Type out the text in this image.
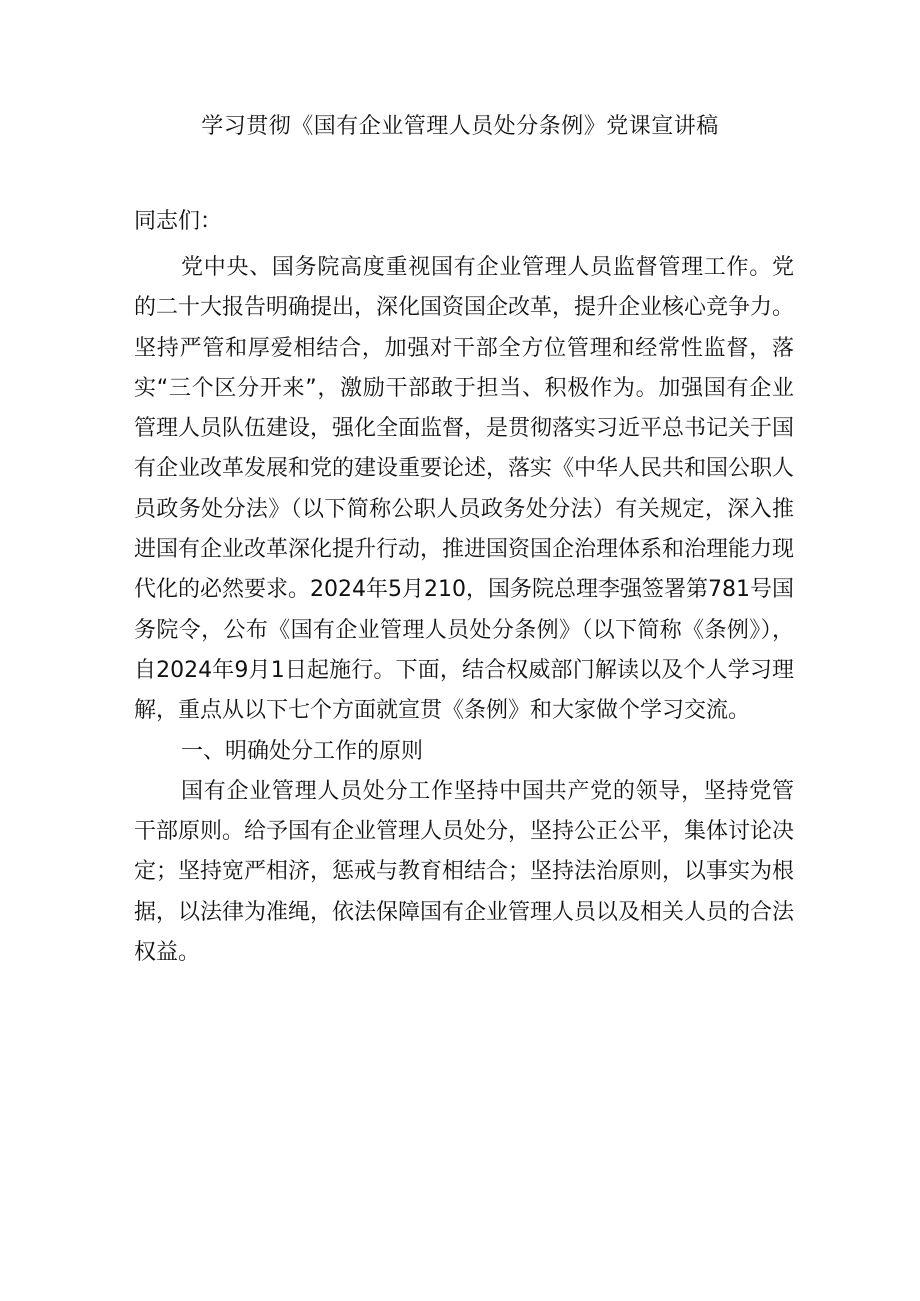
学习贯彻《国有企业管理人员处分条例》党课宣讲稿
同志们：

党中央、国务院高度重视国有企业管理人员监督管理工作。党的二十大报告明确提出，深化国资国企改革，提升企业核心竞争力。坚持严管和厚爱相结合，加强对干部全方位管理和经常性监督，落实“三个区分开来”，激励干部敢于担当、积极作为。加强国有企业管理人员队伍建设，强化全面监督，是贯彻落实习近平总书记关于国有企业改革发展和党的建设重要论述，落实《中华人民共和国公职人员政务处分法》（以下简称公职人员政务处分法）有关规定，深入推进国有企业改革深化提升行动，推进国资国企治理体系和治理能力现代化的必然要求。2024年5月210，国务院总理李强签署第781号国务院令，公布《国有企业管理人员处分条例》（以下简称《条例》），自2024年9月1日起施行。下面，结合权威部门解读以及个人学习理解，重点从以下七个方面就宣贯《条例》和大家做个学习交流。

一、明确处分工作的原则

国有企业管理人员处分工作坚持中国共产党的领导，坚持党管干部原则。给予国有企业管理人员处分，坚持公正公平，集体讨论决定；坚持宽严相济，惩戒与教育相结合；坚持法治原则，以事实为根据，以法律为准绳，依法保障国有企业管理人员以及相关人员的合法权益。
